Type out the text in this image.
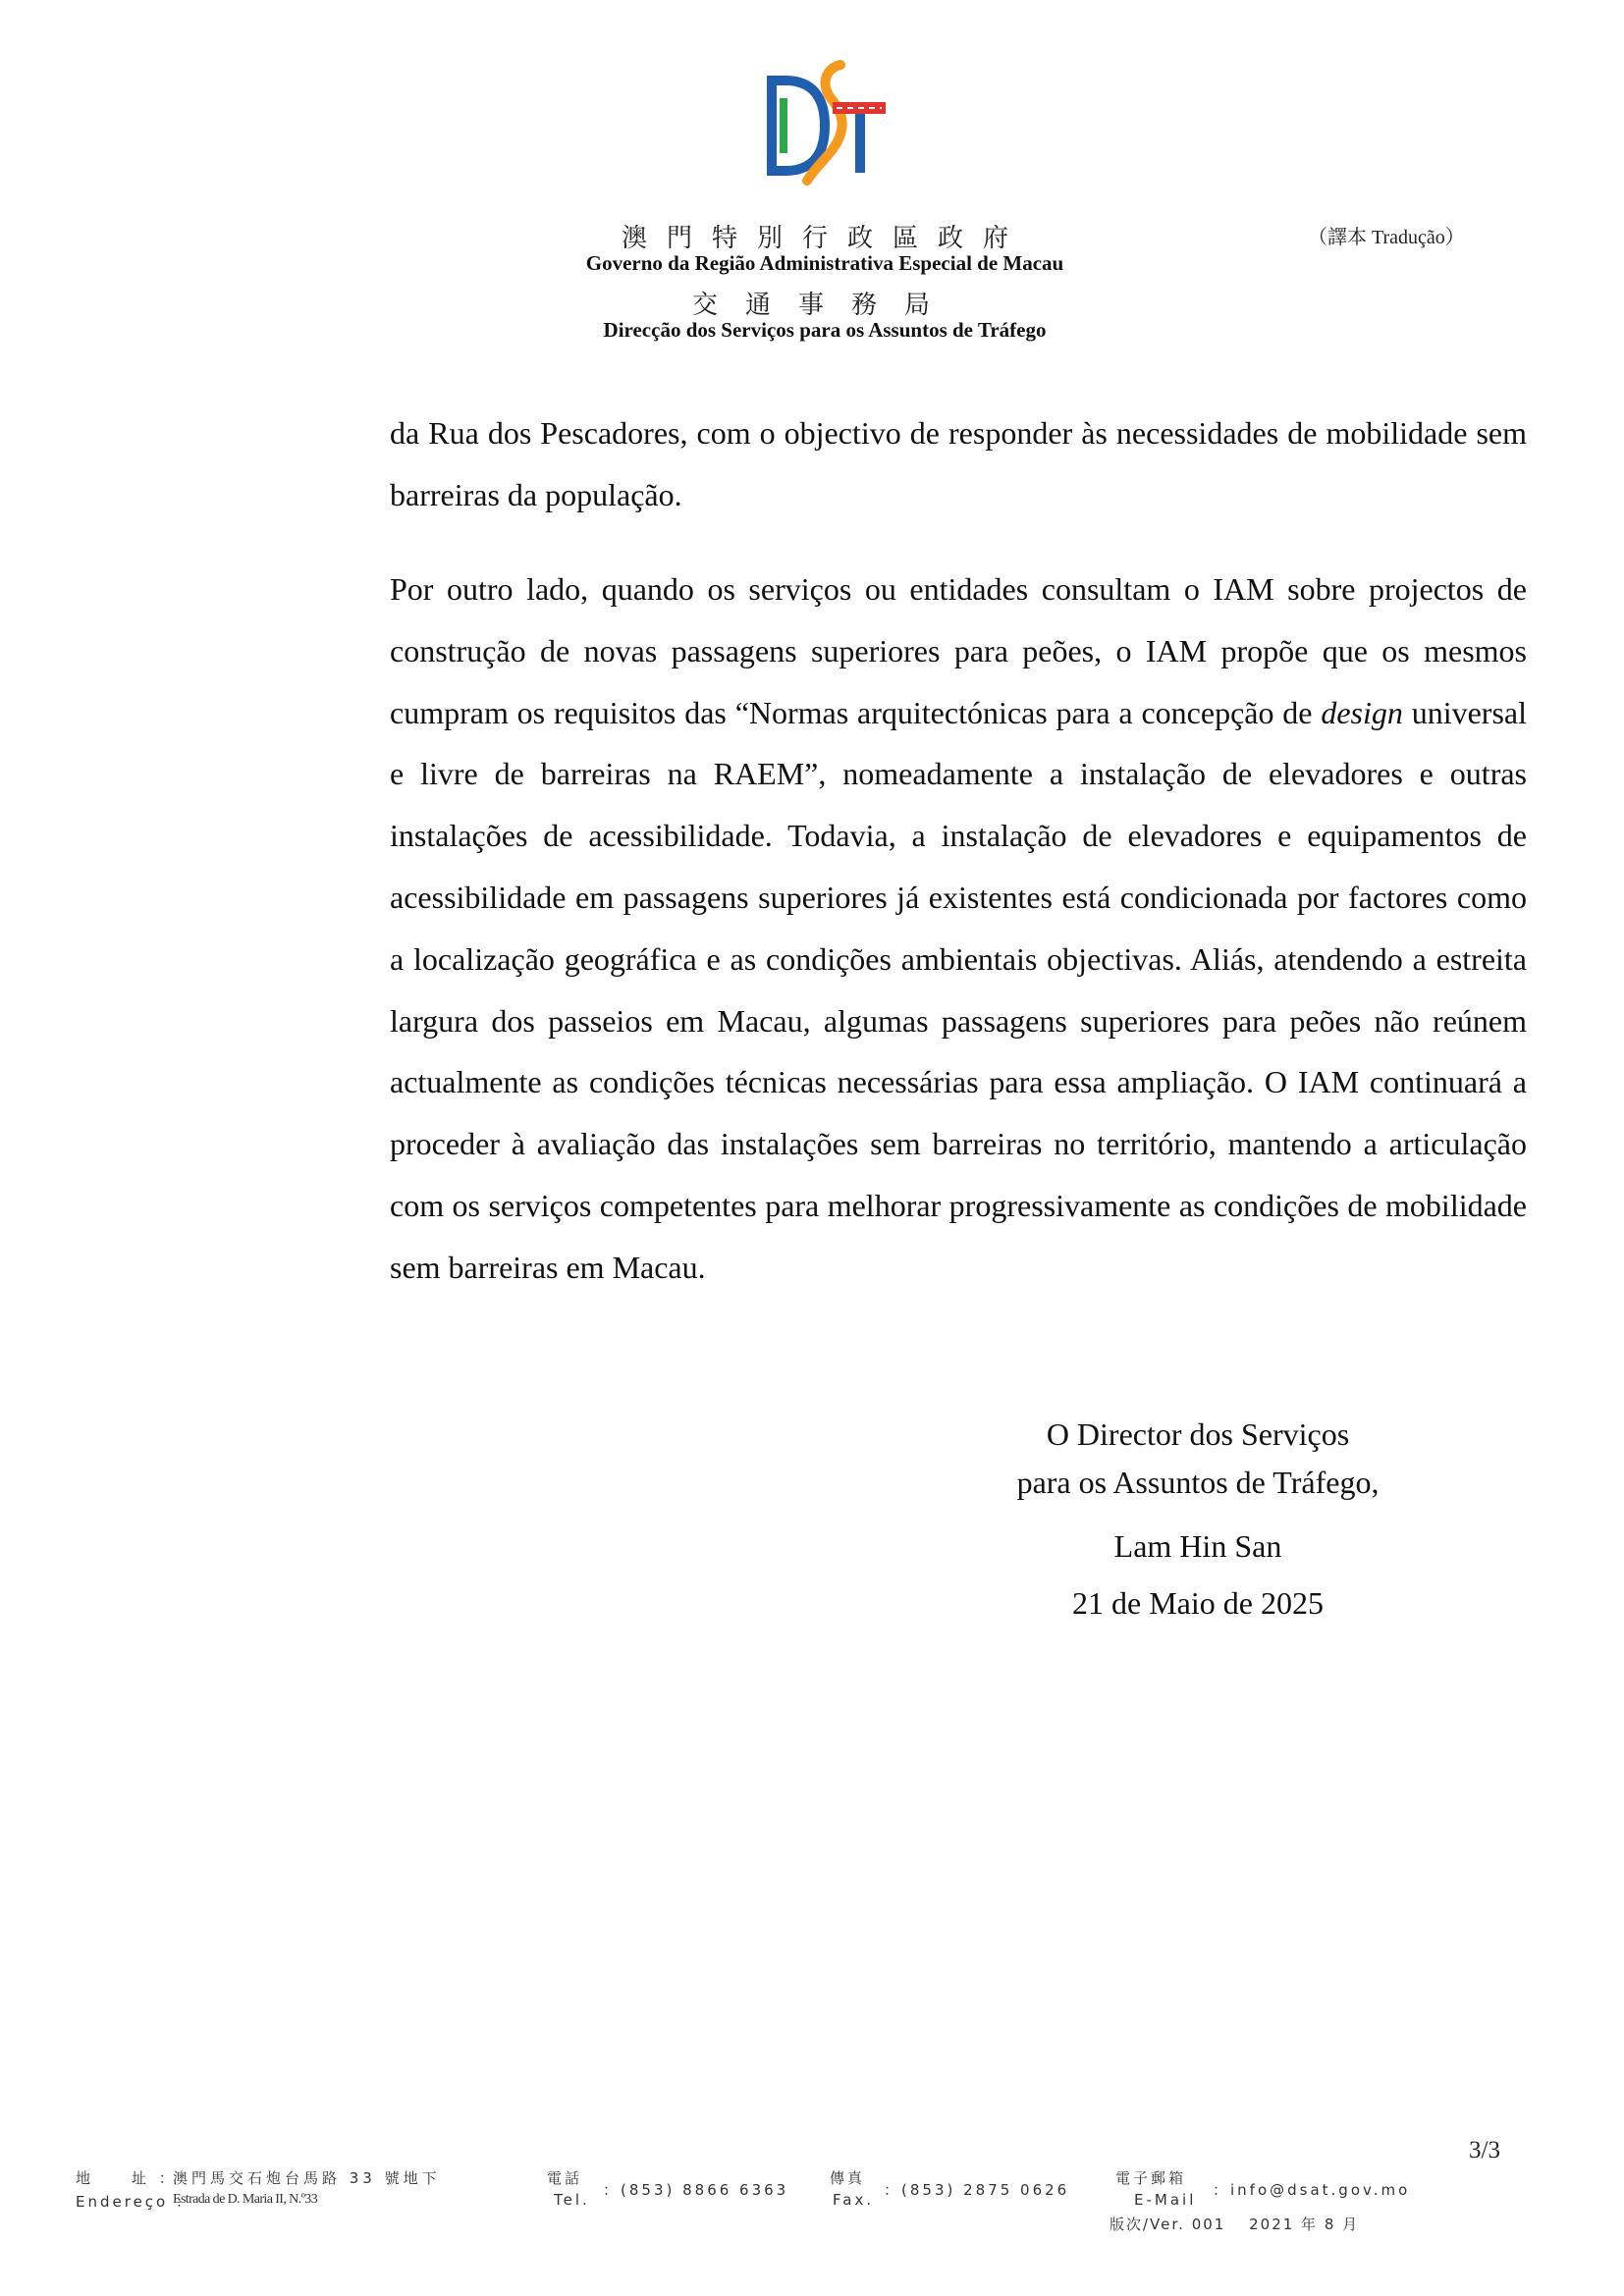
澳門特別行政區政府
Governo da Região Administrativa Especial de Macau
交通事務局
Direcção dos Serviços para os Assuntos de Tráfego
（譯本 Tradução）
da Rua dos Pescadores, com o objectivo de responder às necessidades de mobilidade sem barreiras da população.
Por outro lado, quando os serviços ou entidades consultam o IAM sobre projectos de construção de novas passagens superiores para peões, o IAM propõe que os mesmos cumpram os requisitos das “Normas arquitectónicas para a concepção de design universal e livre de barreiras na RAEM”, nomeadamente a instalação de elevadores e outras instalações de acessibilidade. Todavia, a instalação de elevadores e equipamentos de acessibilidade em passagens superiores já existentes está condicionada por factores como a localização geográfica e as condições ambientais objectivas. Aliás, atendendo a estreita largura dos passeios em Macau, algumas passagens superiores para peões não reúnem actualmente as condições técnicas necessárias para essa ampliação. O IAM continuará a proceder à avaliação das instalações sem barreiras no território, mantendo a articulação com os serviços competentes para melhorar progressivamente as condições de mobilidade sem barreiras em Macau.
O Director dos Serviços
para os Assuntos de Tráfego,
Lam Hin San
21 de Maio de 2025
3/3
地　　址 ：
澳門馬交石炮台馬路 33 號地下
Endereço ：
Estrada de D. Maria II, N.º33
電話
Tel.
：(853) 8866 6363
傳真
Fax.
：(853) 2875 0626
電子郵箱
E-Mail
：info@dsat.gov.mo
版次/Ver. 001　 2021 年 8 月
